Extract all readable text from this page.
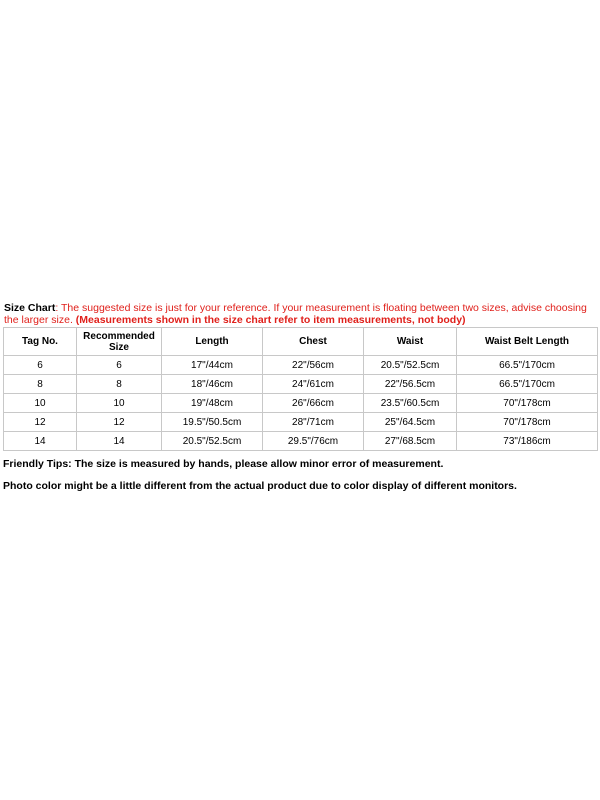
Size Chart: The suggested size is just for your reference. If your measurement is floating between two sizes, advise choosing the larger size. (Measurements shown in the size chart refer to item measurements, not body)
Tag No.	Recommended Size	Length	Chest	Waist	Waist Belt Length
6	6	17"/44cm	22"/56cm	20.5"/52.5cm	66.5"/170cm
8	8	18"/46cm	24"/61cm	22"/56.5cm	66.5"/170cm
10	10	19"/48cm	26"/66cm	23.5"/60.5cm	70"/178cm
12	12	19.5"/50.5cm	28"/71cm	25"/64.5cm	70"/178cm
14	14	20.5"/52.5cm	29.5"/76cm	27"/68.5cm	73"/186cm
Friendly Tips: The size is measured by hands, please allow minor error of measurement.
Photo color might be a little different from the actual product due to color display of different monitors.
